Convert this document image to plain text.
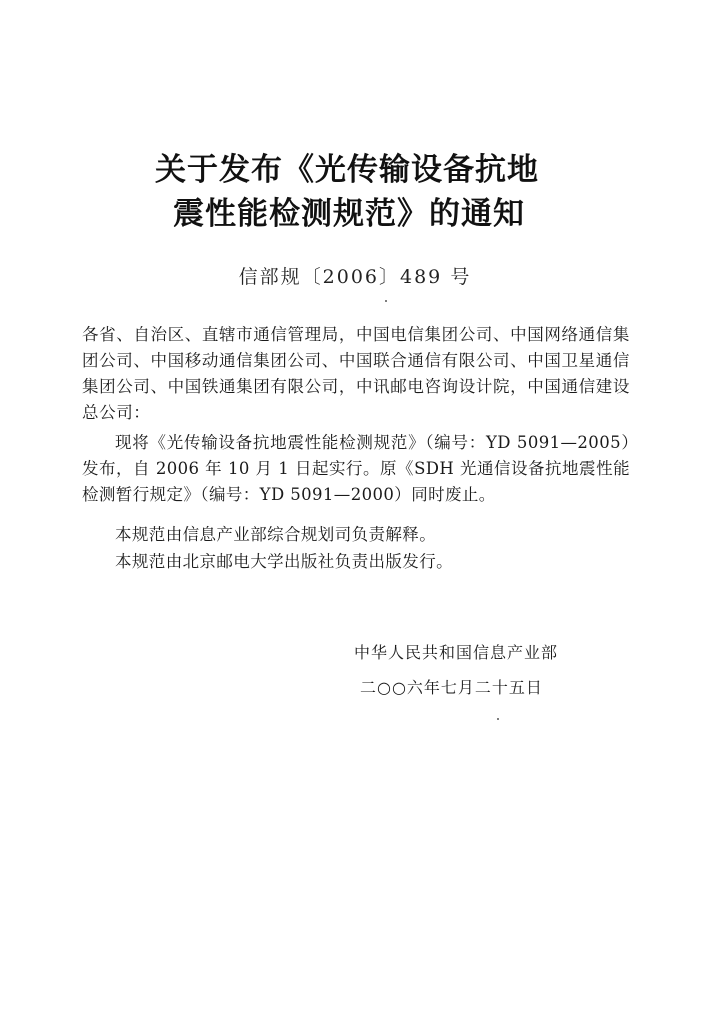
关于发布《光传输设备抗地
震性能检测规范》的通知
信部规〔2006〕489 号
各省、自治区、直辖市通信管理局，中国电信集团公司、中国网络通信集团公司、中国移动通信集团公司、中国联合通信有限公司、中国卫星通信集团公司、中国铁通集团有限公司，中讯邮电咨询设计院，中国通信建设总公司：
现将《光传输设备抗地震性能检测规范》（编号：YD 5091—2005）发布，自 2006 年 10 月 1 日起实行。原《SDH 光通信设备抗地震性能检测暂行规定》（编号：YD 5091—2000）同时废止。
本规范由信息产业部综合规划司负责解释。
本规范由北京邮电大学出版社负责出版发行。
中华人民共和国信息产业部
二○○六年七月二十五日
